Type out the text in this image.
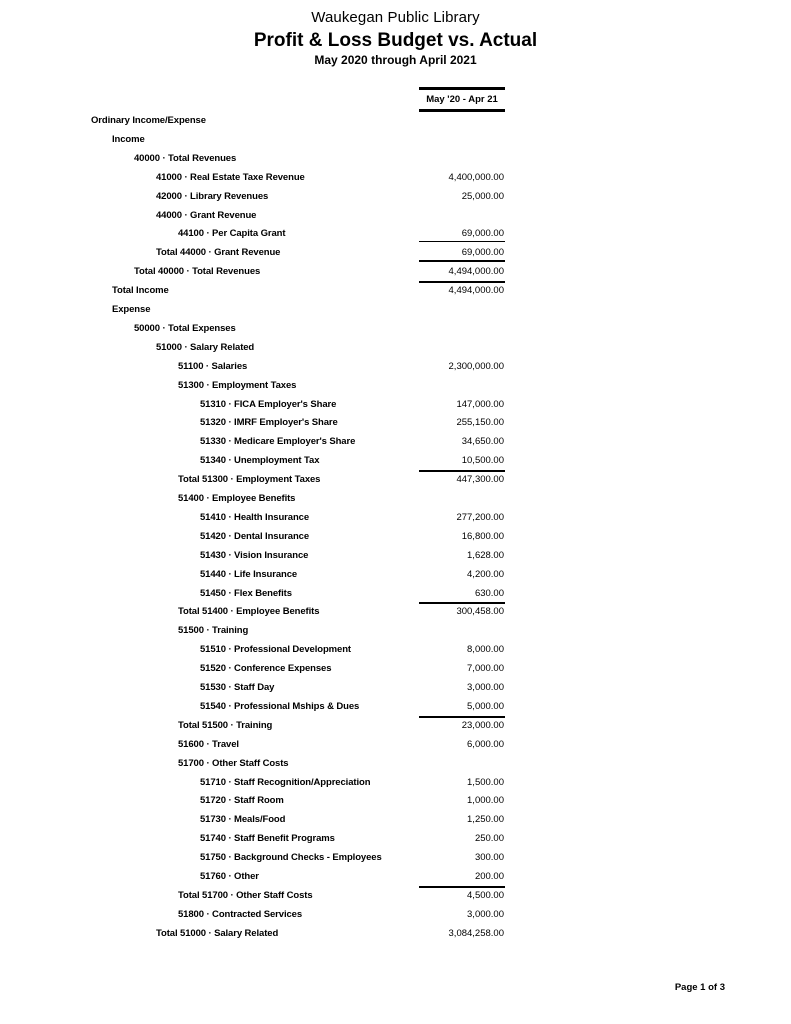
Waukegan Public Library
Profit & Loss Budget vs. Actual
May 2020 through April 2021
May '20 - Apr 21
Ordinary Income/Expense
Income
40000 · Total Revenues
41000 · Real Estate Taxe Revenue	4,400,000.00
42000 · Library Revenues	25,000.00
44000 · Grant Revenue
44100 · Per Capita Grant	69,000.00
Total 44000 · Grant Revenue	69,000.00
Total 40000 · Total Revenues	4,494,000.00
Total Income	4,494,000.00
Expense
50000 · Total Expenses
51000 · Salary Related
51100 · Salaries	2,300,000.00
51300 · Employment Taxes
51310 · FICA Employer's Share	147,000.00
51320 · IMRF Employer's Share	255,150.00
51330 · Medicare Employer's Share	34,650.00
51340 · Unemployment Tax	10,500.00
Total 51300 · Employment Taxes	447,300.00
51400 · Employee Benefits
51410 · Health Insurance	277,200.00
51420 · Dental Insurance	16,800.00
51430 · Vision Insurance	1,628.00
51440 · Life Insurance	4,200.00
51450 · Flex Benefits	630.00
Total 51400 · Employee Benefits	300,458.00
51500 · Training
51510 · Professional Development	8,000.00
51520 · Conference Expenses	7,000.00
51530 · Staff Day	3,000.00
51540 · Professional Mships & Dues	5,000.00
Total 51500 · Training	23,000.00
51600 · Travel	6,000.00
51700 · Other Staff Costs
51710 · Staff Recognition/Appreciation	1,500.00
51720 · Staff Room	1,000.00
51730 · Meals/Food	1,250.00
51740 · Staff Benefit Programs	250.00
51750 · Background Checks - Employees	300.00
51760 · Other	200.00
Total 51700 · Other Staff Costs	4,500.00
51800 · Contracted Services	3,000.00
Total 51000 · Salary Related	3,084,258.00
Page 1 of 3
